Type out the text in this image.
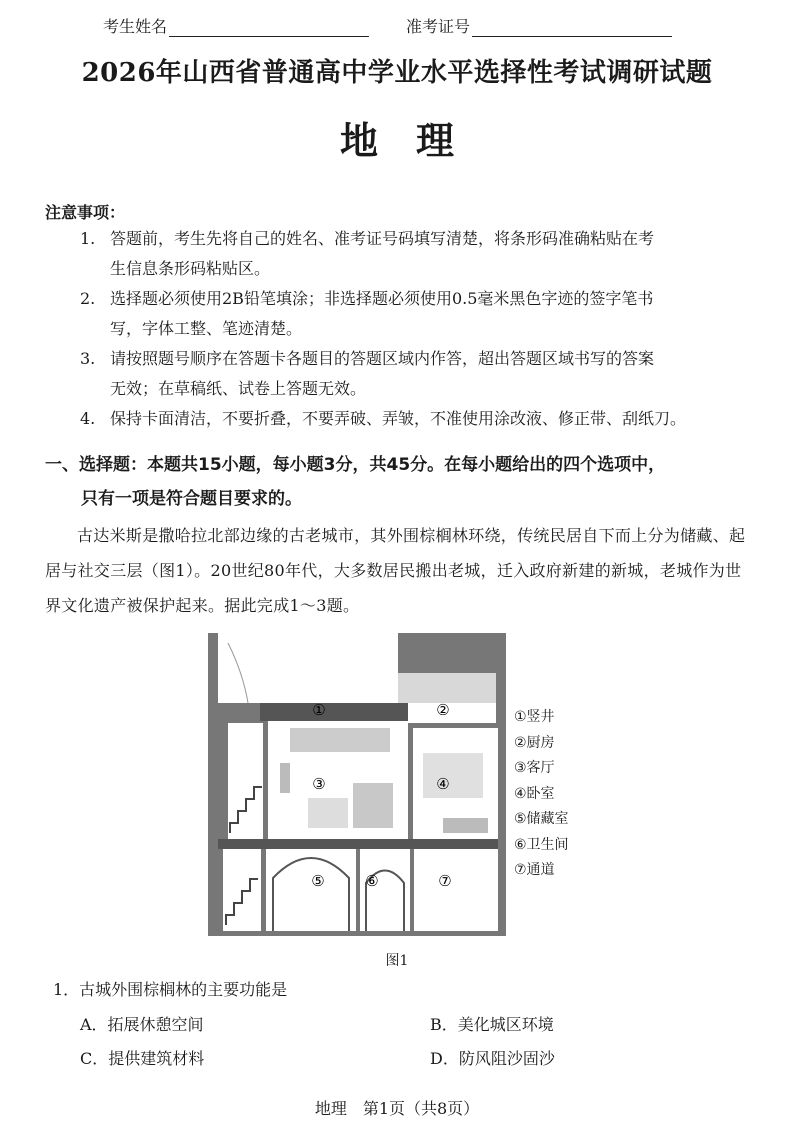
考生姓名	准考证号
2026年山西省普通高中学业水平选择性考试调研试题
地　理
注意事项：
1. 答题前，考生先将自己的姓名、准考证号码填写清楚，将条形码准确粘贴在考
生信息条形码粘贴区。
2. 选择题必须使用2B铅笔填涂；非选择题必须使用0.5毫米黑色字迹的签字笔书
写，字体工整、笔迹清楚。
3. 请按照题号顺序在答题卡各题目的答题区域内作答，超出答题区域书写的答案
无效；在草稿纸、试卷上答题无效。
4. 保持卡面清洁，不要折叠，不要弄破、弄皱，不准使用涂改液、修正带、刮纸刀。
一、选择题：本题共15小题，每小题3分，共45分。在每小题给出的四个选项中，
只有一项是符合题目要求的。
古达米斯是撒哈拉北部边缘的古老城市，其外围棕榈林环绕，传统民居自下而上分为储藏、起居与社交三层（图1）。20世纪80年代，大多数居民搬出老城，迁入政府新建的新城，老城作为世界文化遗产被保护起来。据此完成1～3题。
①	②
③	④
⑤	⑥	⑦
①竖井
②厨房
③客厅
④卧室
⑤储藏室
⑥卫生间
⑦通道
图1
1．古城外围棕榈林的主要功能是
A．拓展休憩空间	B．美化城区环境
C．提供建筑材料	D．防风阻沙固沙
地理　第1页（共8页）
